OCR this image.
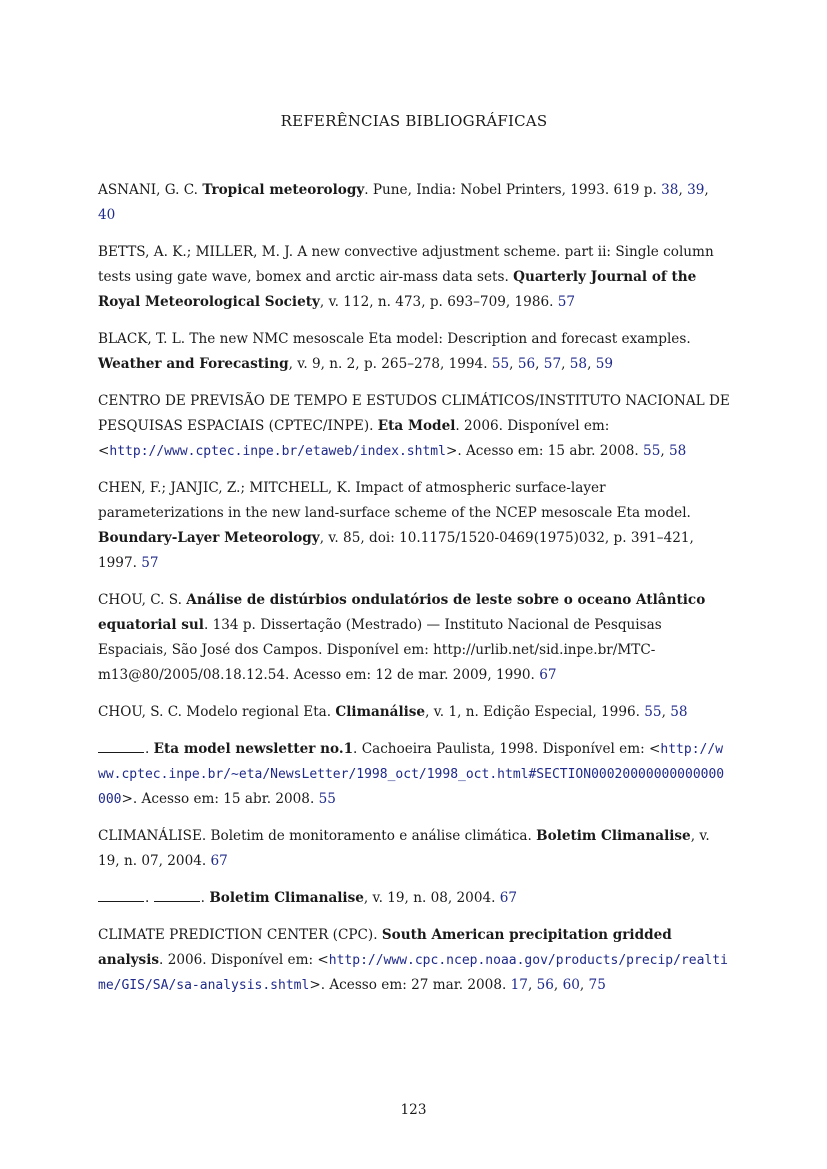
REFERÊNCIAS BIBLIOGRÁFICAS

ASNANI, G. C. Tropical meteorology. Pune, India: Nobel Printers, 1993. 619 p. 38, 39, 40

BETTS, A. K.; MILLER, M. J. A new convective adjustment scheme. part ii: Single column tests using gate wave, bomex and arctic air-mass data sets. Quarterly Journal of the Royal Meteorological Society, v. 112, n. 473, p. 693–709, 1986. 57

BLACK, T. L. The new NMC mesoscale Eta model: Description and forecast examples. Weather and Forecasting, v. 9, n. 2, p. 265–278, 1994. 55, 56, 57, 58, 59

CENTRO DE PREVISÃO DE TEMPO E ESTUDOS CLIMÁTICOS/INSTITUTO NACIONAL DE PESQUISAS ESPACIAIS (CPTEC/INPE). Eta Model. 2006. Disponível em: <http://www.cptec.inpe.br/etaweb/index.shtml>. Acesso em: 15 abr. 2008. 55, 58

CHEN, F.; JANJIC, Z.; MITCHELL, K. Impact of atmospheric surface-layer parameterizations in the new land-surface scheme of the NCEP mesoscale Eta model. Boundary-Layer Meteorology, v. 85, doi: 10.1175/1520-0469(1975)032, p. 391–421, 1997. 57

CHOU, C. S. Análise de distúrbios ondulatórios de leste sobre o oceano Atlântico equatorial sul. 134 p. Dissertação (Mestrado) — Instituto Nacional de Pesquisas Espaciais, São José dos Campos. Disponível em: http://urlib.net/sid.inpe.br/MTC-m13@80/2005/08.18.12.54. Acesso em: 12 de mar. 2009, 1990. 67

CHOU, S. C. Modelo regional Eta. Climanálise, v. 1, n. Edição Especial, 1996. 55, 58

. Eta model newsletter no.1. Cachoeira Paulista, 1998. Disponível em: <http://www.cptec.inpe.br/~eta/NewsLetter/1998_oct/1998_oct.html#SECTION00020000000000000000>. Acesso em: 15 abr. 2008. 55

CLIMANÁLISE. Boletim de monitoramento e análise climática. Boletim Climanalise, v. 19, n. 07, 2004. 67

.	. Boletim Climanalise, v. 19, n. 08, 2004. 67

CLIMATE PREDICTION CENTER (CPC). South American precipitation gridded analysis. 2006. Disponível em: <http://www.cpc.ncep.noaa.gov/products/precip/realtime/GIS/SA/sa-analysis.shtml>. Acesso em: 27 mar. 2008. 17, 56, 60, 75

123
